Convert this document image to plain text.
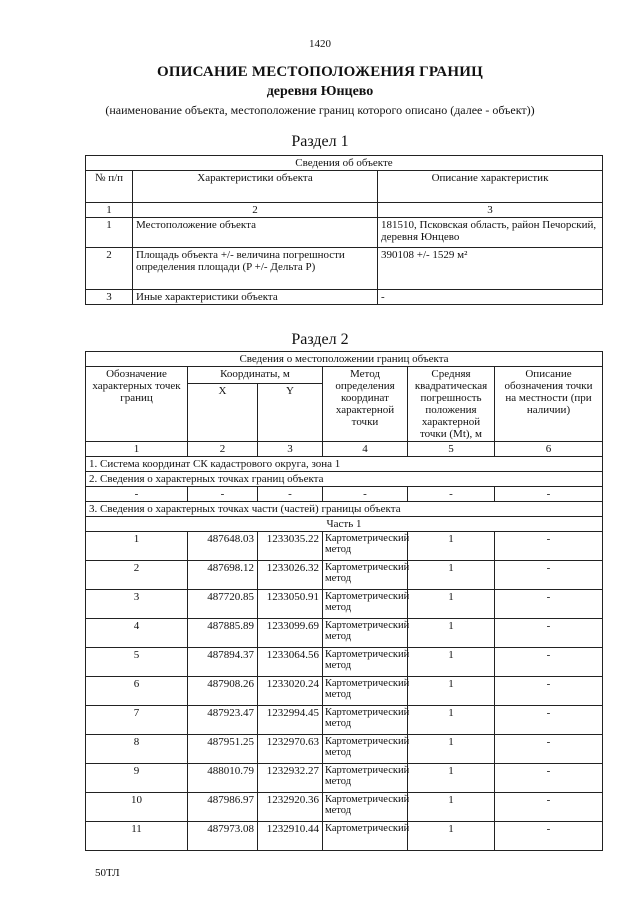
1420
ОПИСАНИЕ МЕСТОПОЛОЖЕНИЯ ГРАНИЦ
деревня Юнцево
(наименование объекта, местоположение границ которого описано (далее - объект))
Раздел 1
Сведения об объекте		
№ п/п	Характеристики объекта	Описание характеристик
1	2	3
1	Местоположение объекта	181510, Псковская область, район Печорский, деревня Юнцево
2	Площадь объекта +/- величина погрешности определения площади (P +/- Дельта P)	390108 +/- 1529 м²
3	Иные характеристики объекта	-
Раздел 2
Сведения о местоположении границ объекта					
Обозначение характерных точек границ	Координаты, м		Метод определения координат характерной точки	Средняя квадратическая погрешность положения характерной точки (Mt), м	Описание обозначения точки на местности (при наличии)
	X	Y			
1	2	3	4	5	6
1. Система координат СК кадастрового округа, зона 1					
2. Сведения о характерных точках границ объекта					
-	-	-	-	-	-
3. Сведения о характерных точках части (частей) границы объекта					
Часть 1					
1	487648.03	1233035.22	Картометрический метод	1	-
2	487698.12	1233026.32	Картометрический метод	1	-
3	487720.85	1233050.91	Картометрический метод	1	-
4	487885.89	1233099.69	Картометрический метод	1	-
5	487894.37	1233064.56	Картометрический метод	1	-
6	487908.26	1233020.24	Картометрический метод	1	-
7	487923.47	1232994.45	Картометрический метод	1	-
8	487951.25	1232970.63	Картометрический метод	1	-
9	488010.79	1232932.27	Картометрический метод	1	-
10	487986.97	1232920.36	Картометрический метод	1	-
11	487973.08	1232910.44	Картометрический	1	-
50ТЛ
